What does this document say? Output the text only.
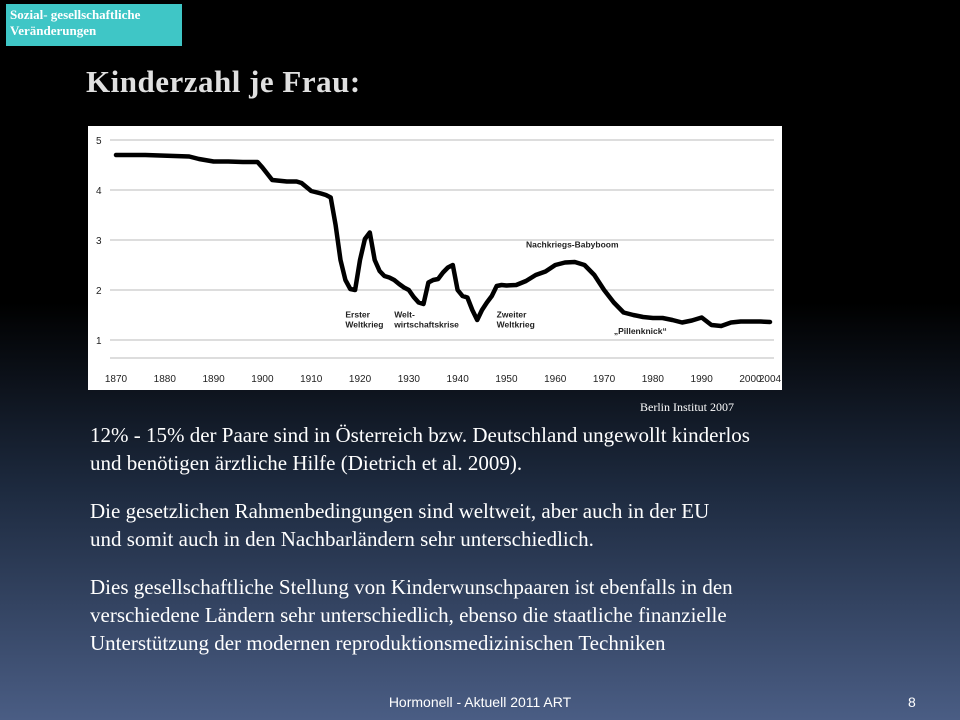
Sozial- gesellschaftliche
Veränderungen
Kinderzahl je Frau:
1
2
3
4
5
1870	1880	1890	1900	1910	1920	1930	1940	1950	1960	1970	1980	1990	2000
2004
Erster
Weltkrieg
Welt-
wirtschaftskrise
Zweiter
Weltkrieg
Nachkriegs-Babyboom
„Pillenknick“
Berlin Institut 2007

12% - 15% der Paare sind in Österreich bzw. Deutschland ungewollt kinderlos
und benötigen ärztliche Hilfe (Dietrich et al. 2009).

Die gesetzlichen Rahmenbedingungen sind weltweit, aber auch in der EU
und somit auch in den Nachbarländern sehr unterschiedlich.

Dies gesellschaftliche Stellung von Kinderwunschpaaren ist ebenfalls in den
verschiedene Ländern sehr unterschiedlich, ebenso die staatliche finanzielle
Unterstützung der modernen reproduktionsmedizinischen Techniken

Hormonell - Aktuell 2011 ART	8
